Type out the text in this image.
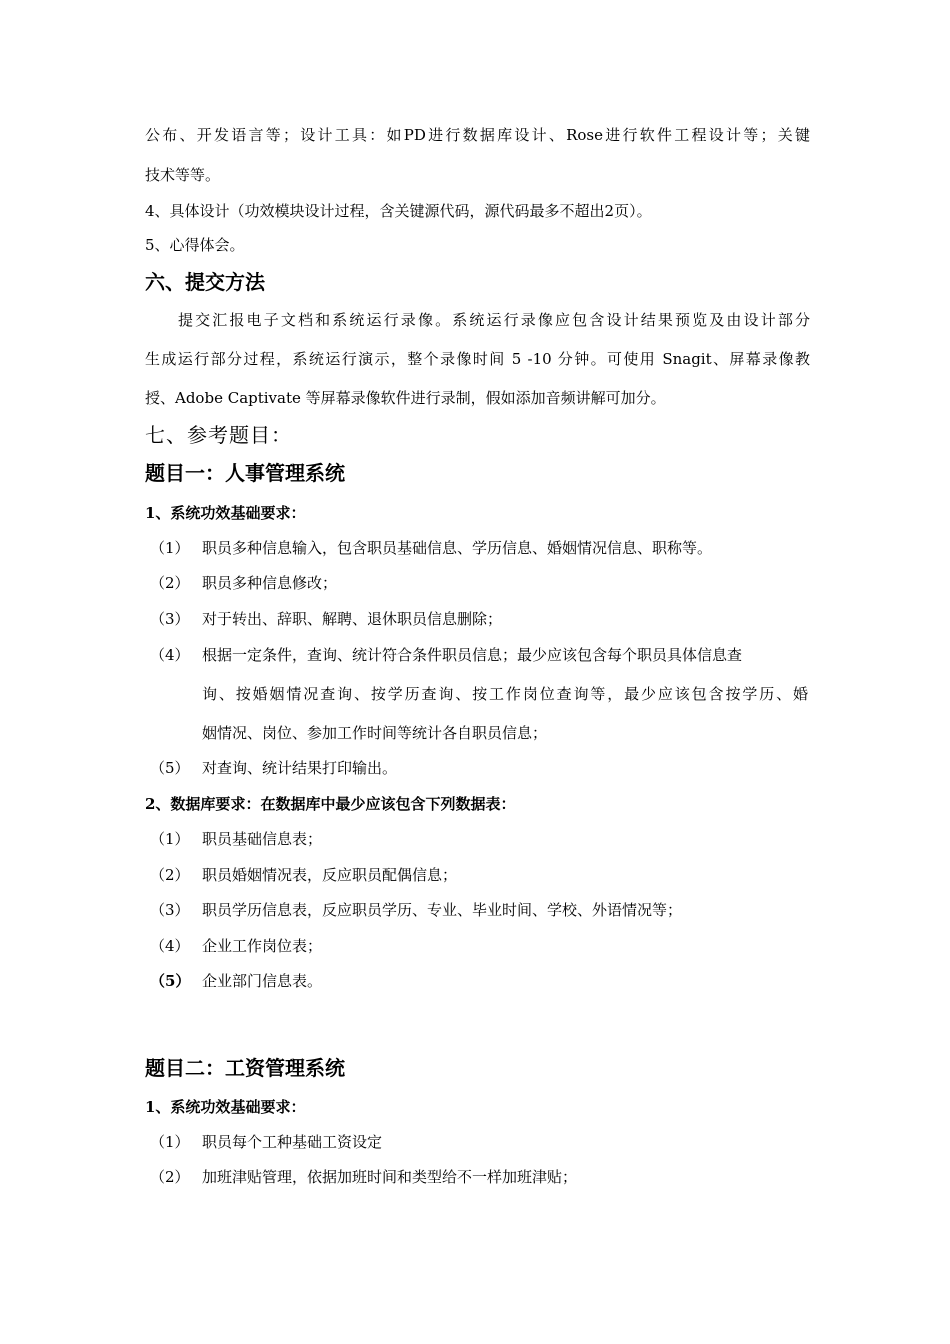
公布、开发语言等；设计工具：如PD进行数据库设计、Rose进行软件工程设计等；关键
技术等等。
4、具体设计（功效模块设计过程，含关键源代码，源代码最多不超出2页）。
5、心得体会。
六、提交方法
提交汇报电子文档和系统运行录像。系统运行录像应包含设计结果预览及由设计部分
生成运行部分过程，系统运行演示，整个录像时间 5 -10 分钟。可使用 Snagit、屏幕录像教
授、Adobe Captivate 等屏幕录像软件进行录制，假如添加音频讲解可加分。
七、参考题目：
题目一：人事管理系统
1、系统功效基础要求：
（1） 职员多种信息输入，包含职员基础信息、学历信息、婚姻情况信息、职称等。
（2） 职员多种信息修改；
（3） 对于转出、辞职、解聘、退休职员信息删除；
（4） 根据一定条件，查询、统计符合条件职员信息；最少应该包含每个职员具体信息查
询、按婚姻情况查询、按学历查询、按工作岗位查询等，最少应该包含按学历、婚
姻情况、岗位、参加工作时间等统计各自职员信息；
（5） 对查询、统计结果打印输出。
2、数据库要求：在数据库中最少应该包含下列数据表：
（1） 职员基础信息表；
（2） 职员婚姻情况表，反应职员配偶信息；
（3） 职员学历信息表，反应职员学历、专业、毕业时间、学校、外语情况等；
（4） 企业工作岗位表；
（5） 企业部门信息表。
题目二：工资管理系统
1、系统功效基础要求：
（1） 职员每个工种基础工资设定
（2） 加班津贴管理，依据加班时间和类型给不一样加班津贴；
